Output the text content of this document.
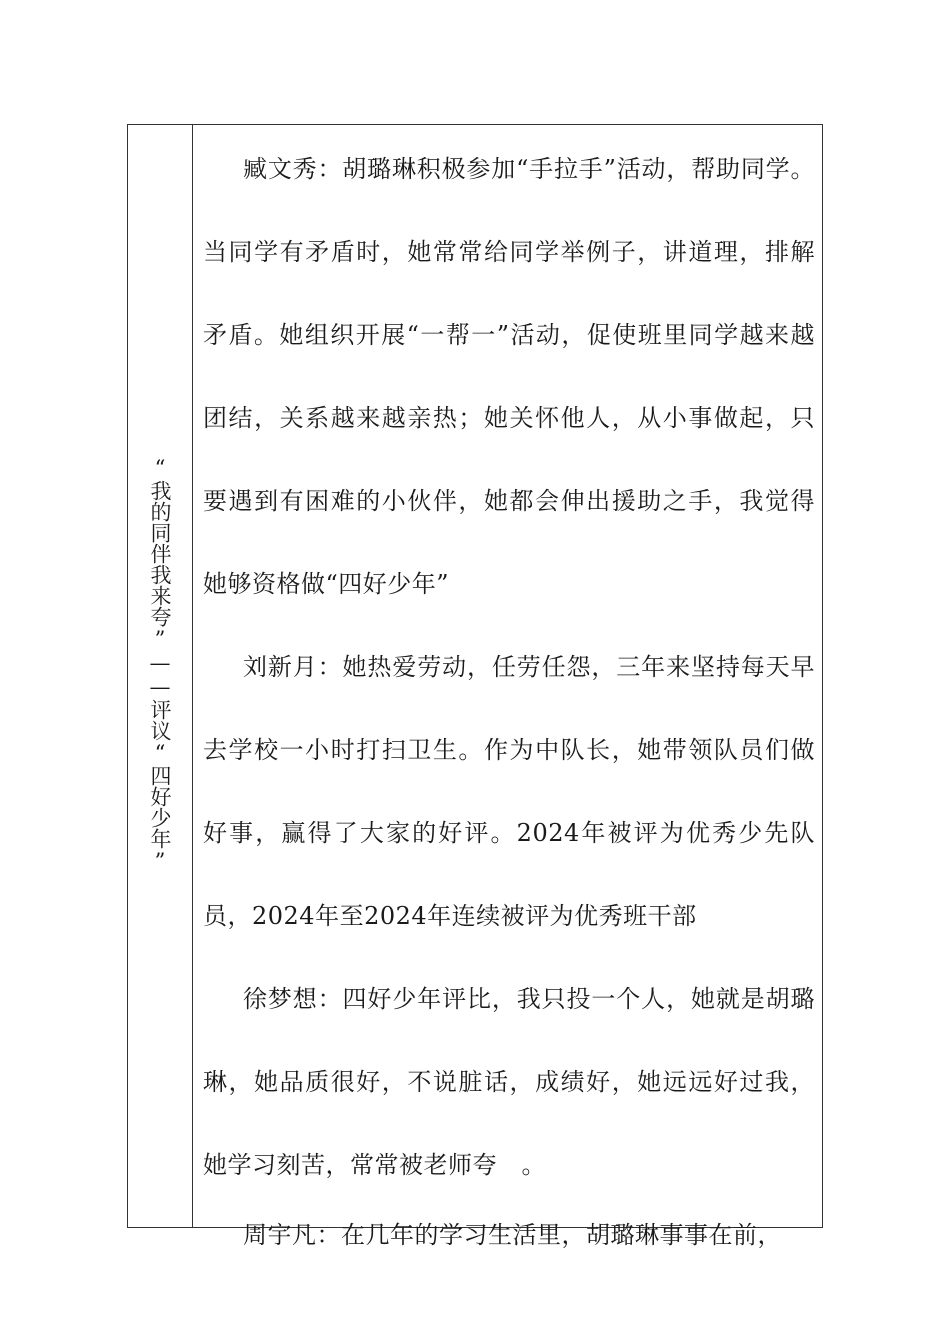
“我的同伴我来夸”——评议“四好少年”

臧文秀：胡璐琳积极参加“手拉手”活动，帮助同学。当同学有矛盾时，她常常给同学举例子，讲道理，排解矛盾。她组织开展“一帮一”活动，促使班里同学越来越团结，关系越来越亲热；她关怀他人，从小事做起，只要遇到有困难的小伙伴，她都会伸出援助之手，我觉得她够资格做“四好少年”

刘新月：她热爱劳动，任劳任怨，三年来坚持每天早去学校一小时打扫卫生。作为中队长，她带领队员们做好事，赢得了大家的好评。2024年被评为优秀少先队员，2024年至2024年连续被评为优秀班干部

徐梦想：四好少年评比，我只投一个人，她就是胡璐琳，她品质很好，不说脏话，成绩好，她远远好过我，她学习刻苦，常常被老师夸　。

周宇凡：在几年的学习生活里，胡璐琳事事在前，
